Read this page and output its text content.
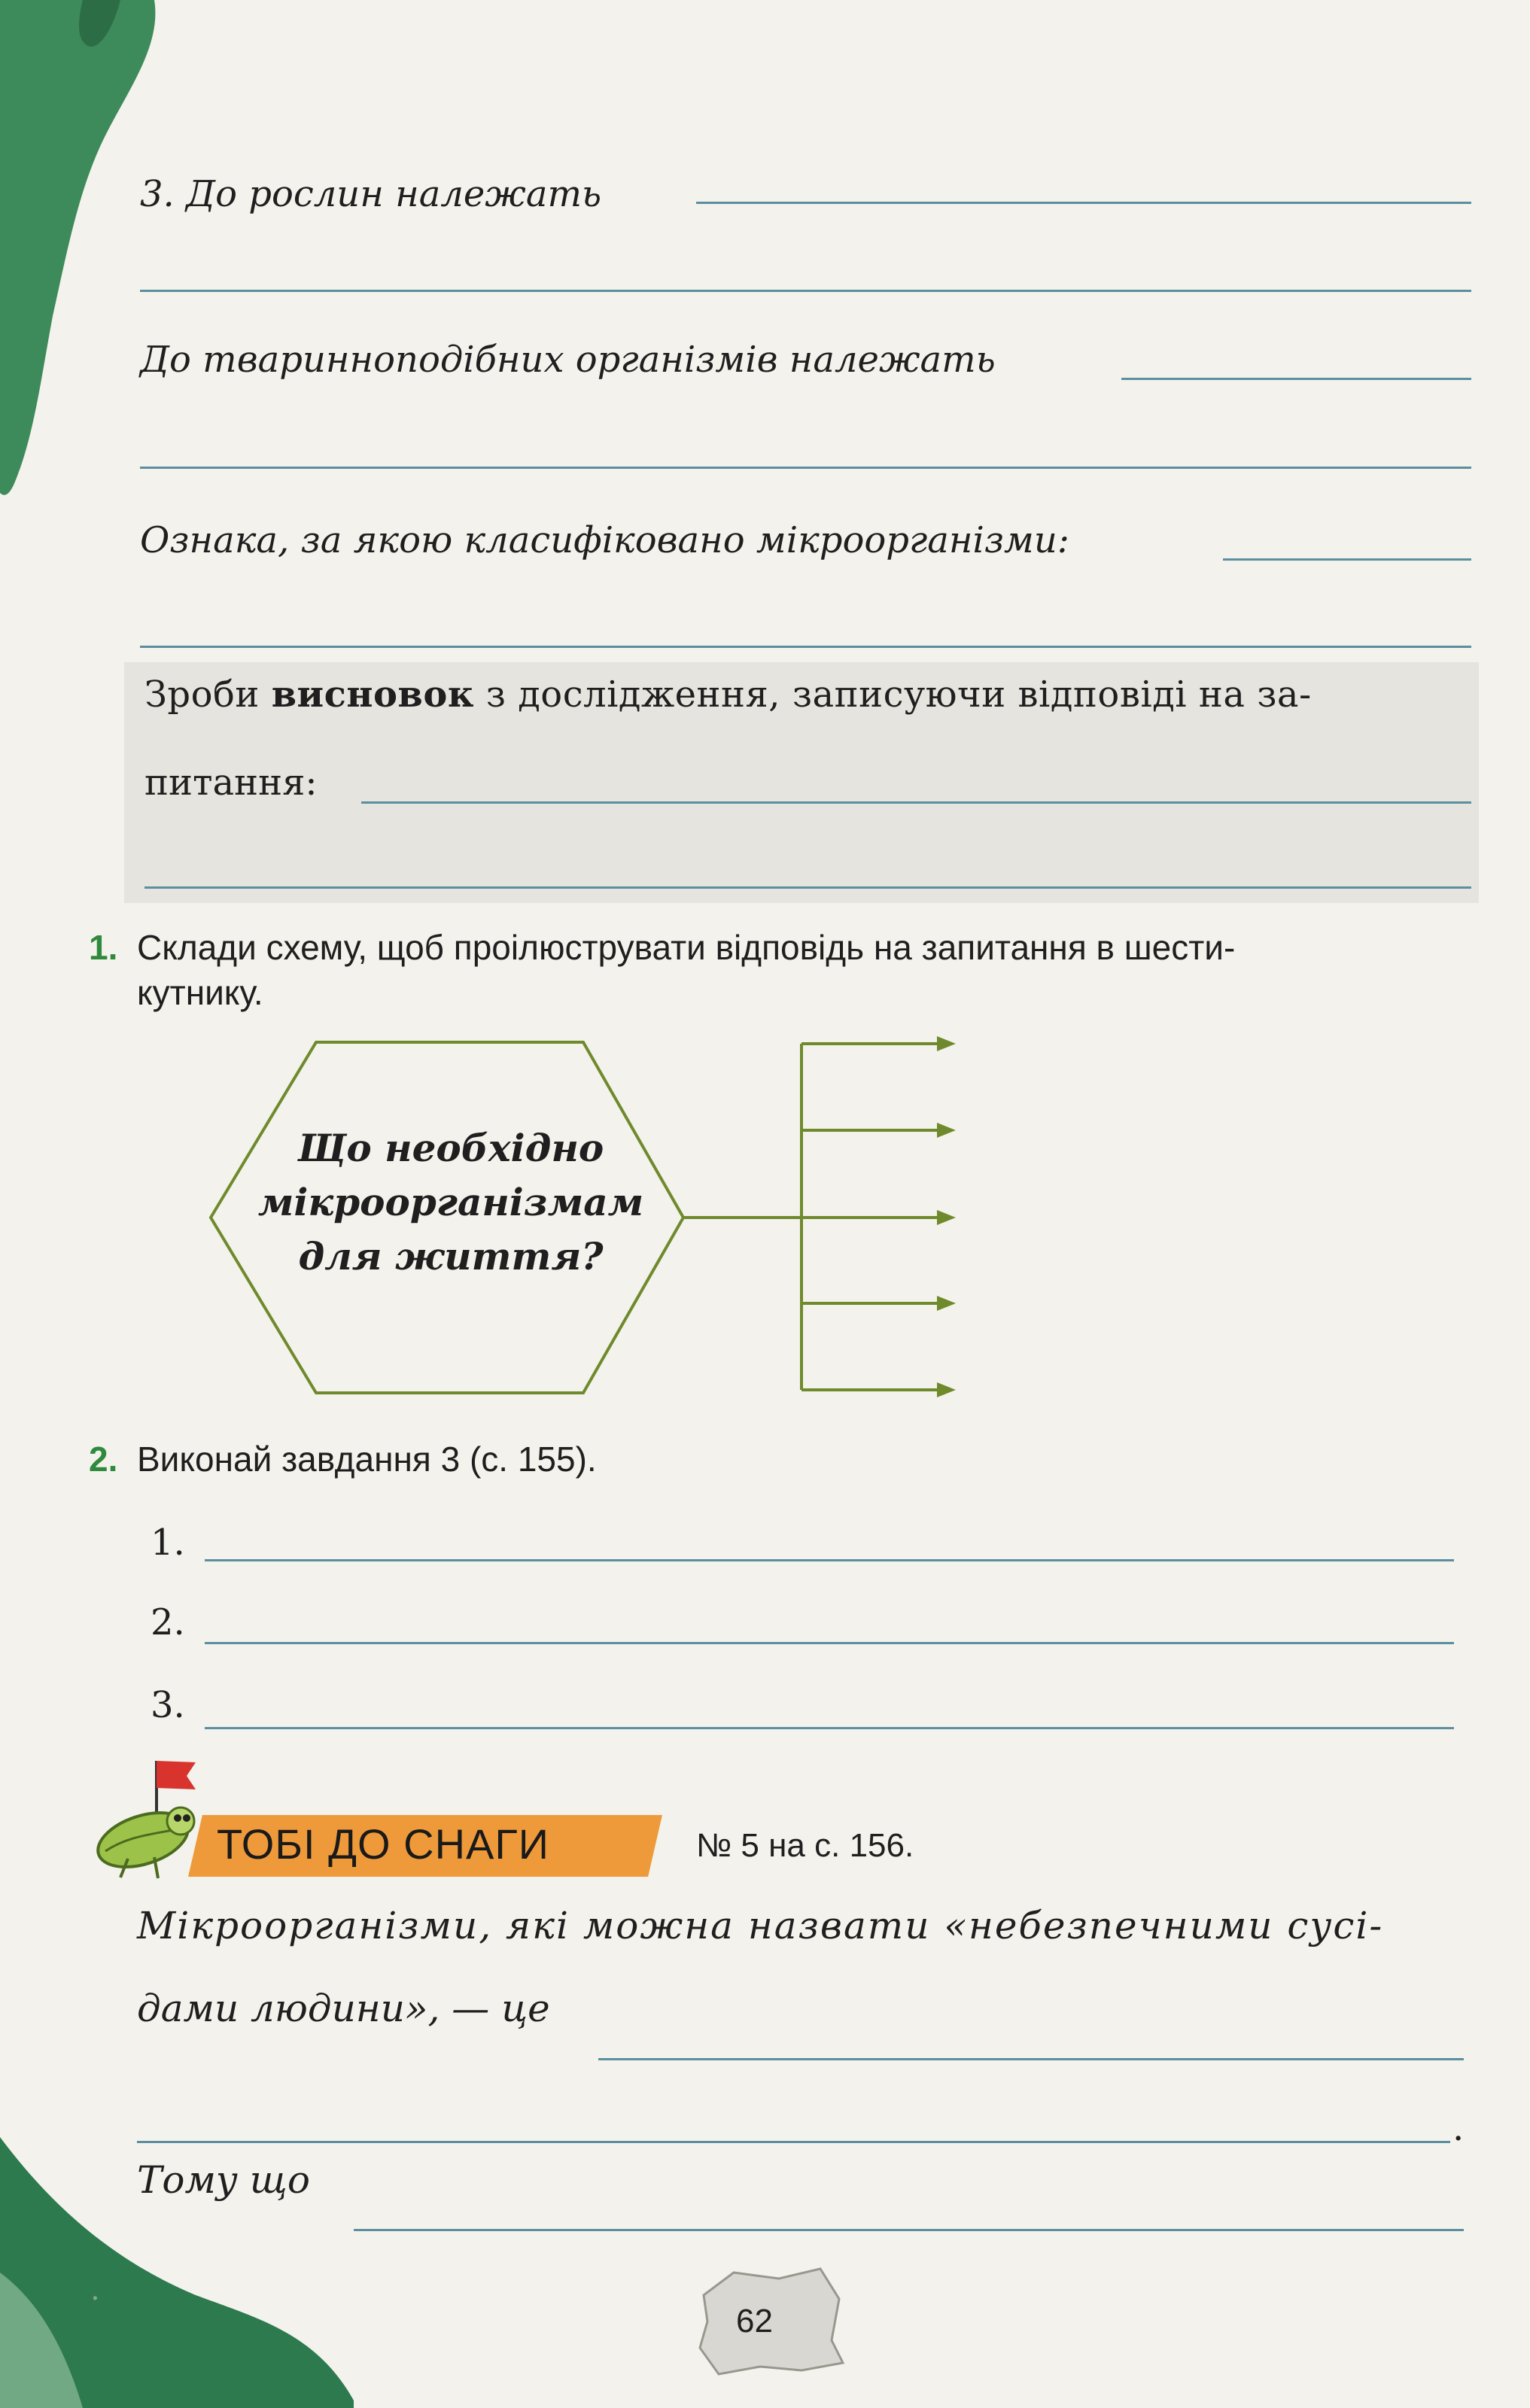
.
3. До рослин належать
До тваринноподібних організмів належать
Ознака, за якою класифіковано мікроорганізми:
Зроби висновок з дослідження, записуючи відповіді на за-
питання:
1. Склади схему, щоб проілюструвати відповідь на запитання в шести-
кутнику.
Що необхідно
мікроорганізмам
для життя?
2. Виконай завдання 3 (с. 155).
1.
2.
3.
ТОБІ ДО СНАГИ	№ 5 на с. 156.
Мікроорганізми, які можна назвати «небезпечними сусі-
дами людини», — це
.
Тому що
62
